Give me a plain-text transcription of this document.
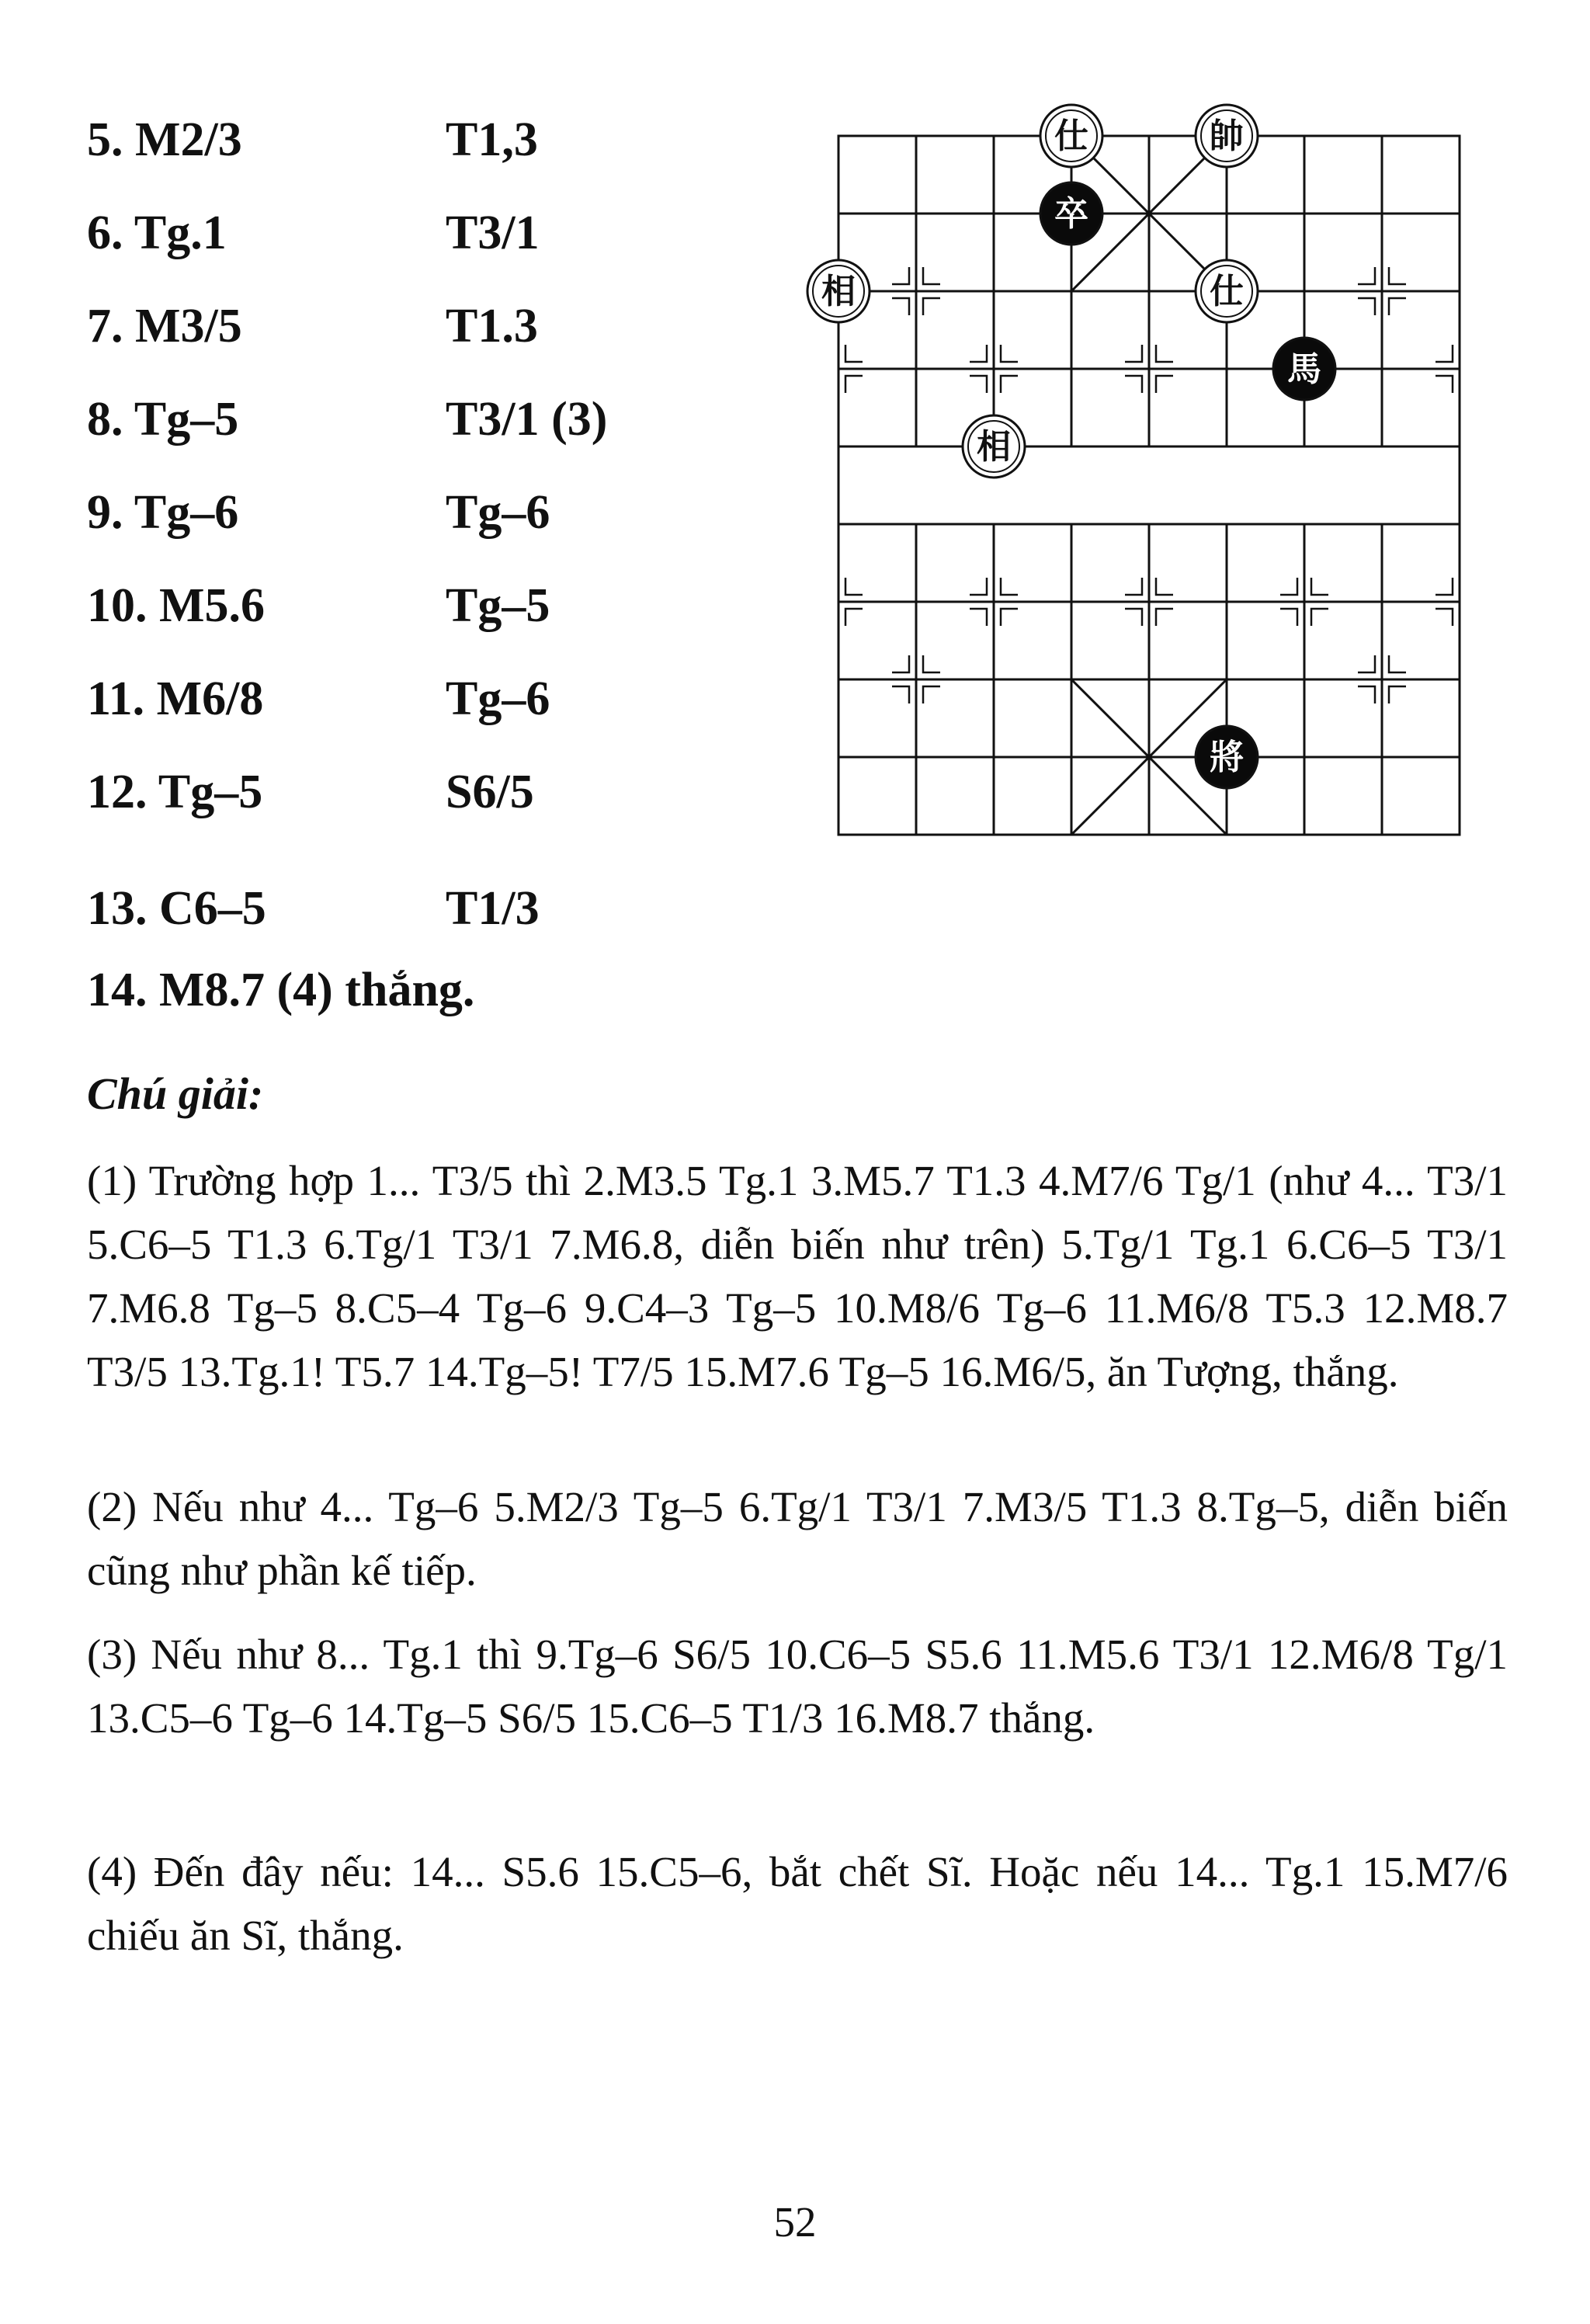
5. M2/3	T1,3
6. Tg.1	T3/1
7. M3/5	T1.3
8. Tg–5	T3/1 (3)
9. Tg–6	Tg–6
10. M5.6	Tg–5
11. M6/8	Tg–6
12. Tg–5	S6/5
13. C6–5	T1/3
14. M8.7 (4) thắng.
Chú giải:

(1) Trường hợp 1... T3/5 thì 2.M3.5 Tg.1 3.M5.7 T1.3 4.M7/6 Tg/1 (như 4... T3/1 5.C6–5 T1.3 6.Tg/1 T3/1 7.M6.8, diễn biến như trên) 5.Tg/1 Tg.1 6.C6–5 T3/1 7.M6.8 Tg–5 8.C5–4 Tg–6 9.C4–3 Tg–5 10.M8/6 Tg–6 11.M6/8 T5.3 12.M8.7 T3/5 13.Tg.1! T5.7 14.Tg–5! T7/5 15.M7.6 Tg–5 16.M6/5, ăn Tượng, thắng.

(2) Nếu như 4... Tg–6 5.M2/3 Tg–5 6.Tg/1 T3/1 7.M3/5 T1.3 8.Tg–5, diễn biến cũng như phần kế tiếp.

(3) Nếu như 8... Tg.1 thì 9.Tg–6 S6/5 10.C6–5 S5.6 11.M5.6 T3/1 12.M6/8 Tg/1 13.C5–6 Tg–6 14.Tg–5 S6/5 15.C6–5 T1/3 16.M8.7 thắng.

(4) Đến đây nếu: 14... S5.6 15.C5–6, bắt chết Sĩ. Hoặc nếu 14... Tg.1 15.M7/6 chiếu ăn Sĩ, thắng.

52
仕	帥
卒
相	仕
馬
相
將
